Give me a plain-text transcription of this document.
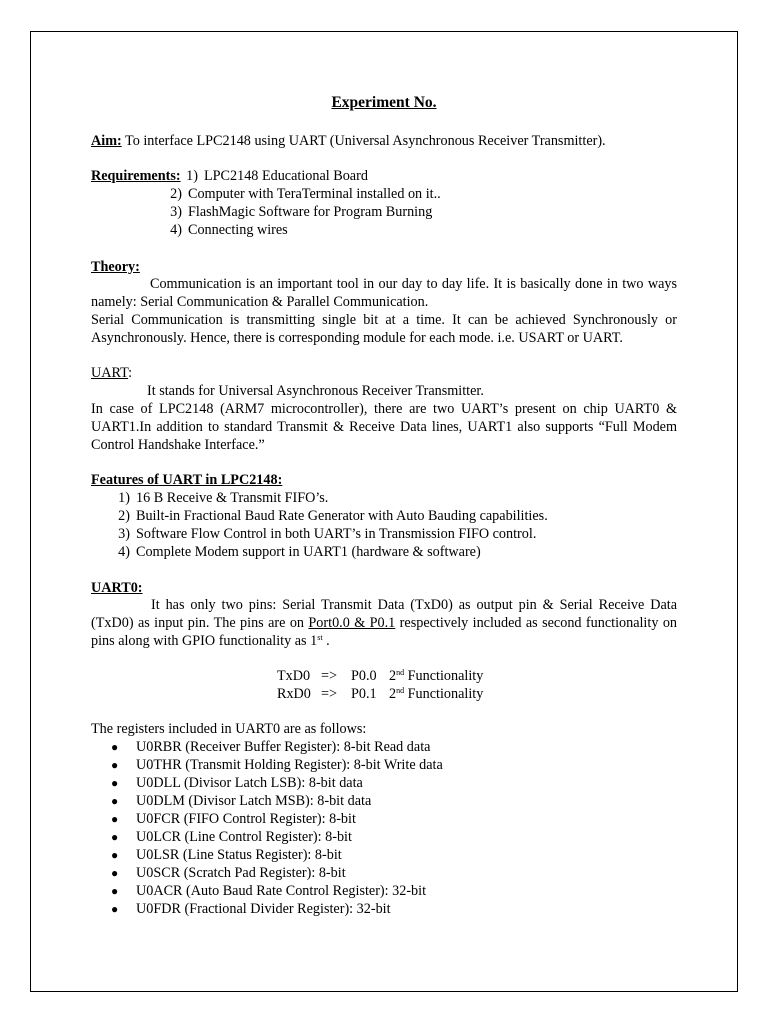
Experiment No.
Aim: To interface LPC2148 using UART (Universal Asynchronous Receiver Transmitter).
Requirements: 1) LPC2148 Educational Board
2) Computer with TeraTerminal installed on it..
3) FlashMagic Software for Program Burning
4) Connecting wires
Theory:
Communication is an important tool in our day to day life. It is basically done in two ways namely: Serial Communication & Parallel Communication.
Serial Communication is transmitting single bit at a time. It can be achieved Synchronously or Asynchronously. Hence, there is corresponding module for each mode. i.e. USART or UART.
UART:
It stands for Universal Asynchronous Receiver Transmitter.
In case of LPC2148 (ARM7 microcontroller), there are two UART’s present on chip UART0 & UART1.In addition to standard Transmit & Receive Data lines, UART1 also supports “Full Modem Control Handshake Interface.”
Features of UART in LPC2148:
1) 16 B Receive & Transmit FIFO’s.
2) Built-in Fractional Baud Rate Generator with Auto Bauding capabilities.
3) Software Flow Control in both UART’s in Transmission FIFO control.
4) Complete Modem support in UART1 (hardware & software)
UART0:
It has only two pins: Serial Transmit Data (TxD0) as output pin & Serial Receive Data (TxD0) as input pin. The pins are on Port0.0 & P0.1 respectively included as second functionality on pins along with GPIO functionality as 1st .
TxD0 => P0.0 2nd Functionality
RxD0 => P0.1 2nd Functionality
The registers included in UART0 are as follows:
● U0RBR (Receiver Buffer Register): 8-bit Read data
● U0THR (Transmit Holding Register): 8-bit Write data
● U0DLL (Divisor Latch LSB): 8-bit data
● U0DLM (Divisor Latch MSB): 8-bit data
● U0FCR (FIFO Control Register): 8-bit
● U0LCR (Line Control Register): 8-bit
● U0LSR (Line Status Register): 8-bit
● U0SCR (Scratch Pad Register): 8-bit
● U0ACR (Auto Baud Rate Control Register): 32-bit
● U0FDR (Fractional Divider Register): 32-bit
